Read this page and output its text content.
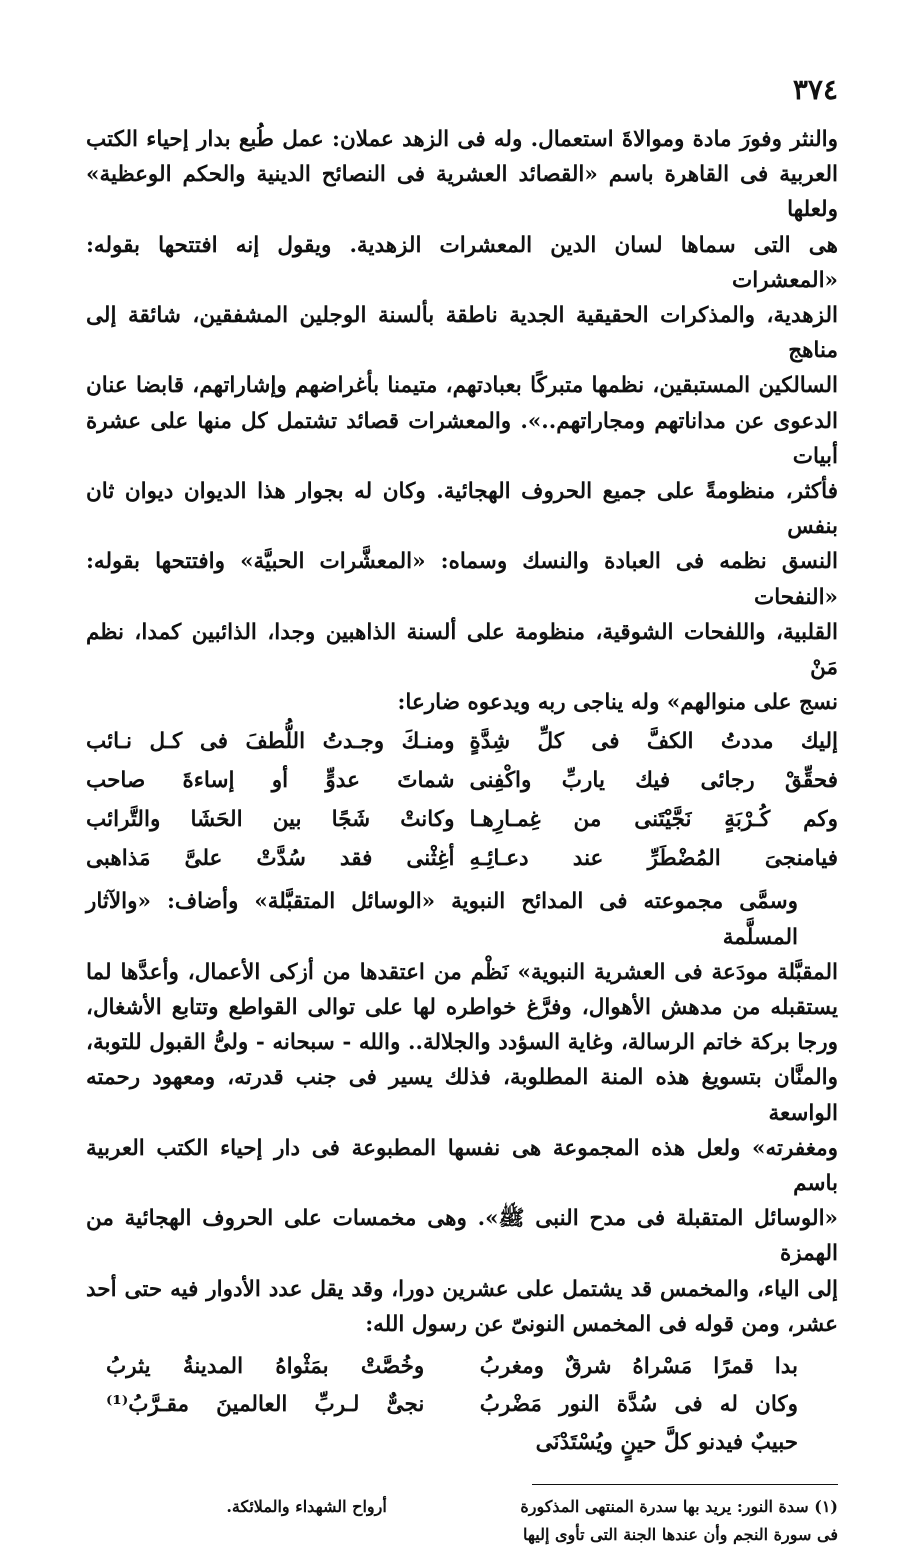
٣٧٤

والنثر وفورَ مادة وموالاةَ استعمال. وله فى الزهد عملان: عمل طُبع بدار إحياء الكتب
العربية فى القاهرة باسم «القصائد العشرية فى النصائح الدينية والحكم الوعظية» ولعلها
هى التى سماها لسان الدين المعشرات الزهدية. ويقول إنه افتتحها بقوله: «المعشرات
الزهدية، والمذكرات الحقيقية الجدية ناطقة بألسنة الوجلين المشفقين، شائقة إلى مناهج
السالكين المستبقين، نظمها متبركًا بعبادتهم، متيمنا بأغراضهم وإشاراتهم، قابضا عنان
الدعوى عن مداناتهم ومجاراتهم..». والمعشرات قصائد تشتمل كل منها على عشرة أبيات
فأكثر، منظومةً على جميع الحروف الهجائية. وكان له بجوار هذا الديوان ديوان ثان بنفس
النسق نظمه فى العبادة والنسك وسماه: «المعشَّرات الحبيَّة» وافتتحها بقوله: «النفحات
القلبية، واللفحات الشوقية، منظومة على ألسنة الذاهبين وجدا، الذائبين كمدا، نظم مَنْ
نسج على منوالهم» وله يناجى ربه ويدعوه ضارعا:

إليك مددتُ الكفَّ فى كلِّ شِدَّةٍ
ومنـكَ وجـدتُ اللُّطفَ فى كـل نـائب
فحقِّقْ رجائى فيك ياربِّ واكْفِنى
شماتَ عدوٍّ أو إساءةَ صاحب
وكم كُـرْبَةٍ نَجَّيْتَنى من غِمـارِهـا
وكانتْ شَجًا بين الحَشَا والتَّرائب
فيامنجىَ المُضْطَرِّ عند دعـائِـهِ
أغِثْنى فقد سُدَّتْ علىَّ مَذاهبى

وسمَّى مجموعته فى المدائح النبوية «الوسائل المتقبَّلة» وأضاف: «والآثار المسلَّمة
المقبَّلة مودَعة فى العشرية النبوية» نَظْم من اعتقدها من أزكى الأعمال، وأعدَّها لما
يستقبله من مدهش الأهوال، وفرَّغ خواطره لها على توالى القواطع وتتابع الأشغال،
ورجا بركة خاتم الرسالة، وغاية السؤدد والجلالة.. والله - سبحانه - ولىُّ القبول للتوبة،
والمنَّان بتسويغ هذه المنة المطلوبة، فذلك يسير فى جنب قدرته، ومعهود رحمته الواسعة
ومغفرته» ولعل هذه المجموعة هى نفسها المطبوعة فى دار إحياء الكتب العربية باسم
«الوسائل المتقبلة فى مدح النبى ﷺ». وهى مخمسات على الحروف الهجائية من الهمزة
إلى الياء، والمخمس قد يشتمل على عشرين دورا، وقد يقل عدد الأدوار فيه حتى أحد
عشر، ومن قوله فى المخمس النونىّ عن رسول الله:

بدا قمرًا مَسْراهُ شرقٌ ومغربُ
وخُصَّتْ بمَثْواهُ المدينةُ يثربُ
وكان له فى سُدَّة النور مَضْربُ
نجىٌّ لـربِّ العالمينَ مقـرَّبُ⁽¹⁾
حبيبٌ فيدنو كلَّ حينٍ ويُسْتَدْنَى
(١) سدة النور: يريد بها سدرة المنتهى المذكورة
أرواح الشهداء والملائكة.
فى سورة النجم وأن عندها الجنة التى تأوى إليها
